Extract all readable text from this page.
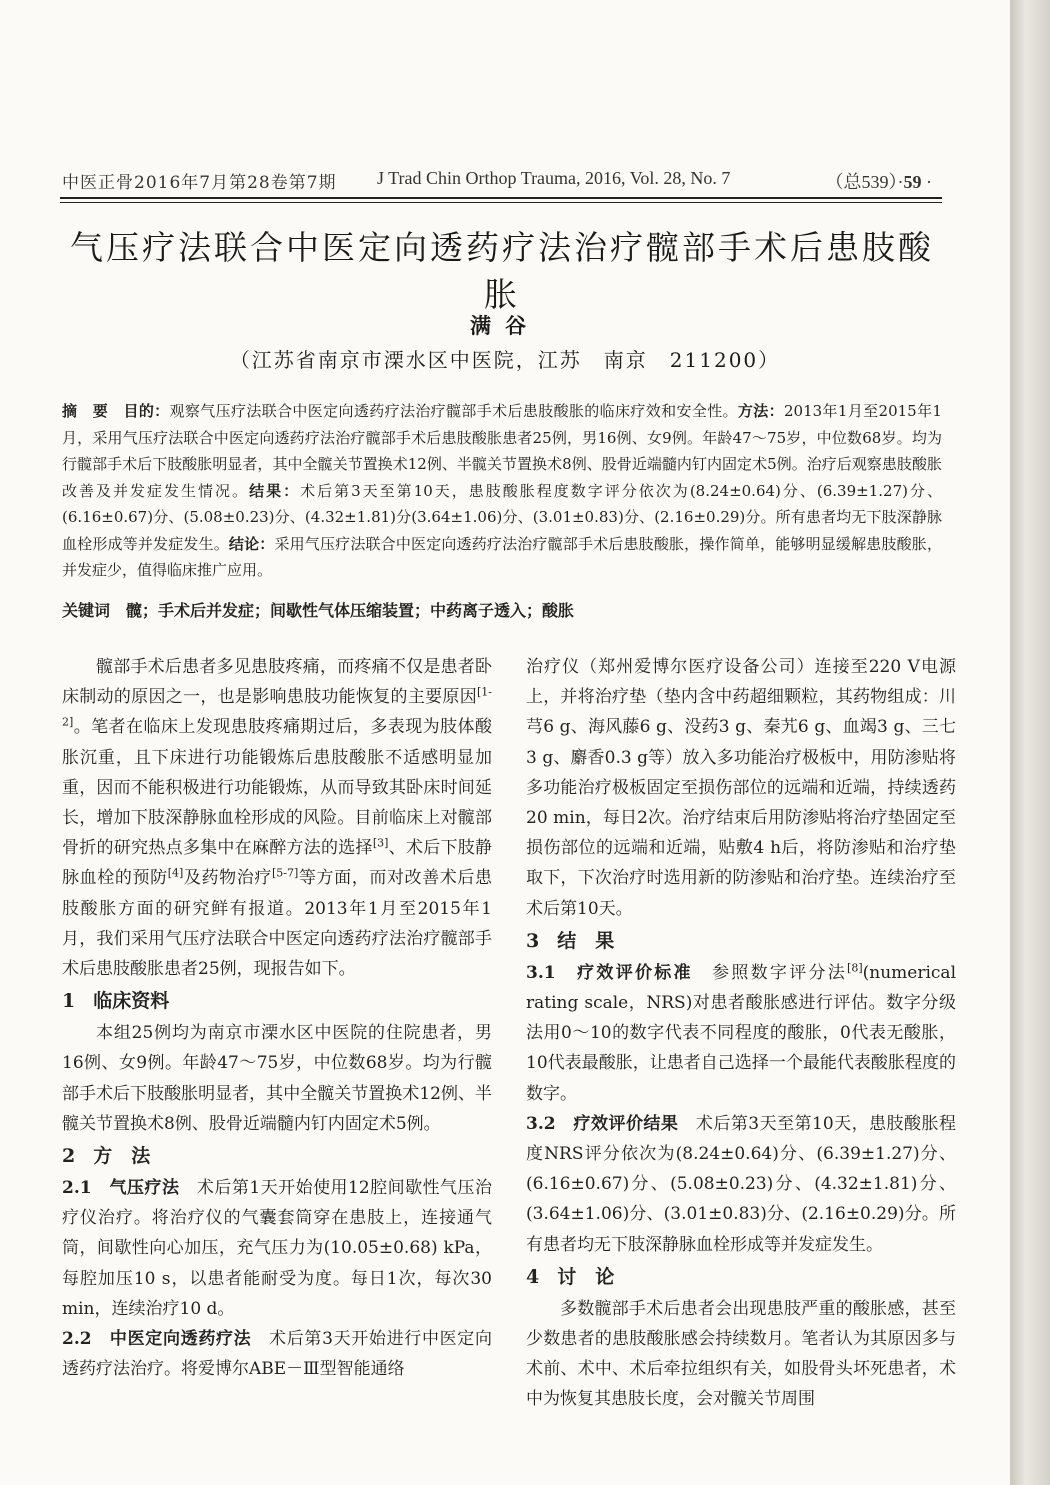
中医正骨2016年7月第28卷第7期 J Trad Chin Orthop Trauma, 2016, Vol. 28, No. 7	（总539）·59 ·
气压疗法联合中医定向透药疗法治疗髋部手术后患肢酸胀

满谷

（江苏省南京市溧水区中医院，江苏　南京　211200）

摘　要　目的：观察气压疗法联合中医定向透药疗法治疗髋部手术后患肢酸胀的临床疗效和安全性。方法：2013年1月至2015年1月，采用气压疗法联合中医定向透药疗法治疗髋部手术后患肢酸胀患者25例，男16例、女9例。年龄47～75岁，中位数68岁。均为行髋部手术后下肢酸胀明显者，其中全髋关节置换术12例、半髋关节置换术8例、股骨近端髓内钉内固定术5例。治疗后观察患肢酸胀改善及并发症发生情况。结果：术后第3天至第10天，患肢酸胀程度数字评分依次为(8.24±0.64)分、(6.39±1.27)分、(6.16±0.67)分、(5.08±0.23)分、(4.32±1.81)分(3.64±1.06)分、(3.01±0.83)分、(2.16±0.29)分。所有患者均无下肢深静脉血栓形成等并发症发生。结论：采用气压疗法联合中医定向透药疗法治疗髋部手术后患肢酸胀，操作简单，能够明显缓解患肢酸胀，并发症少，值得临床推广应用。

关键词　髋；手术后并发症；间歇性气体压缩装置；中药离子透入；酸胀

髋部手术后患者多见患肢疼痛，而疼痛不仅是患者卧床制动的原因之一，也是影响患肢功能恢复的主要原因[1-2]。笔者在临床上发现患肢疼痛期过后，多表现为肢体酸胀沉重，且下床进行功能锻炼后患肢酸胀不适感明显加重，因而不能积极进行功能锻炼，从而导致其卧床时间延长，增加下肢深静脉血栓形成的风险。目前临床上对髋部骨折的研究热点多集中在麻醉方法的选择[3]、术后下肢静脉血栓的预防[4]及药物治疗[5-7]等方面，而对改善术后患肢酸胀方面的研究鲜有报道。2013年1月至2015年1月，我们采用气压疗法联合中医定向透药疗法治疗髋部手术后患肢酸胀患者25例，现报告如下。

1 临床资料

本组25例均为南京市溧水区中医院的住院患者，男16例、女9例。年龄47～75岁，中位数68岁。均为行髋部手术后下肢酸胀明显者，其中全髋关节置换术12例、半髋关节置换术8例、股骨近端髓内钉内固定术5例。

2 方　法

2.1　气压疗法　术后第1天开始使用12腔间歇性气压治疗仪治疗。将治疗仪的气囊套筒穿在患肢上，连接通气筒，间歇性向心加压，充气压力为(10.05±0.68) kPa，每腔加压10 s，以患者能耐受为度。每日1次，每次30 min，连续治疗10 d。

2.2　中医定向透药疗法　术后第3天开始进行中医定向透药疗法治疗。将爱博尔ABE－Ⅲ型智能通络

治疗仪（郑州爱博尔医疗设备公司）连接至220 V电源上，并将治疗垫（垫内含中药超细颗粒，其药物组成：川芎6 g、海风藤6 g、没药3 g、秦艽6 g、血竭3 g、三七3 g、麝香0.3 g等）放入多功能治疗极板中，用防渗贴将多功能治疗极板固定至损伤部位的远端和近端，持续透药20 min，每日2次。治疗结束后用防渗贴将治疗垫固定至损伤部位的远端和近端，贴敷4 h后，将防渗贴和治疗垫取下，下次治疗时选用新的防渗贴和治疗垫。连续治疗至术后第10天。

3 结　果

3.1　疗效评价标准　参照数字评分法[8](numerical rating scale，NRS)对患者酸胀感进行评估。数字分级法用0～10的数字代表不同程度的酸胀，0代表无酸胀，10代表最酸胀，让患者自己选择一个最能代表酸胀程度的数字。

3.2　疗效评价结果　术后第3天至第10天，患肢酸胀程度NRS评分依次为(8.24±0.64)分、(6.39±1.27)分、(6.16±0.67)分、(5.08±0.23)分、(4.32±1.81)分、(3.64±1.06)分、(3.01±0.83)分、(2.16±0.29)分。所有患者均无下肢深静脉血栓形成等并发症发生。

4 讨　论

多数髋部手术后患者会出现患肢严重的酸胀感，甚至少数患者的患肢酸胀感会持续数月。笔者认为其原因多与术前、术中、术后牵拉组织有关，如股骨头坏死患者，术中为恢复其患肢长度，会对髋关节周围
